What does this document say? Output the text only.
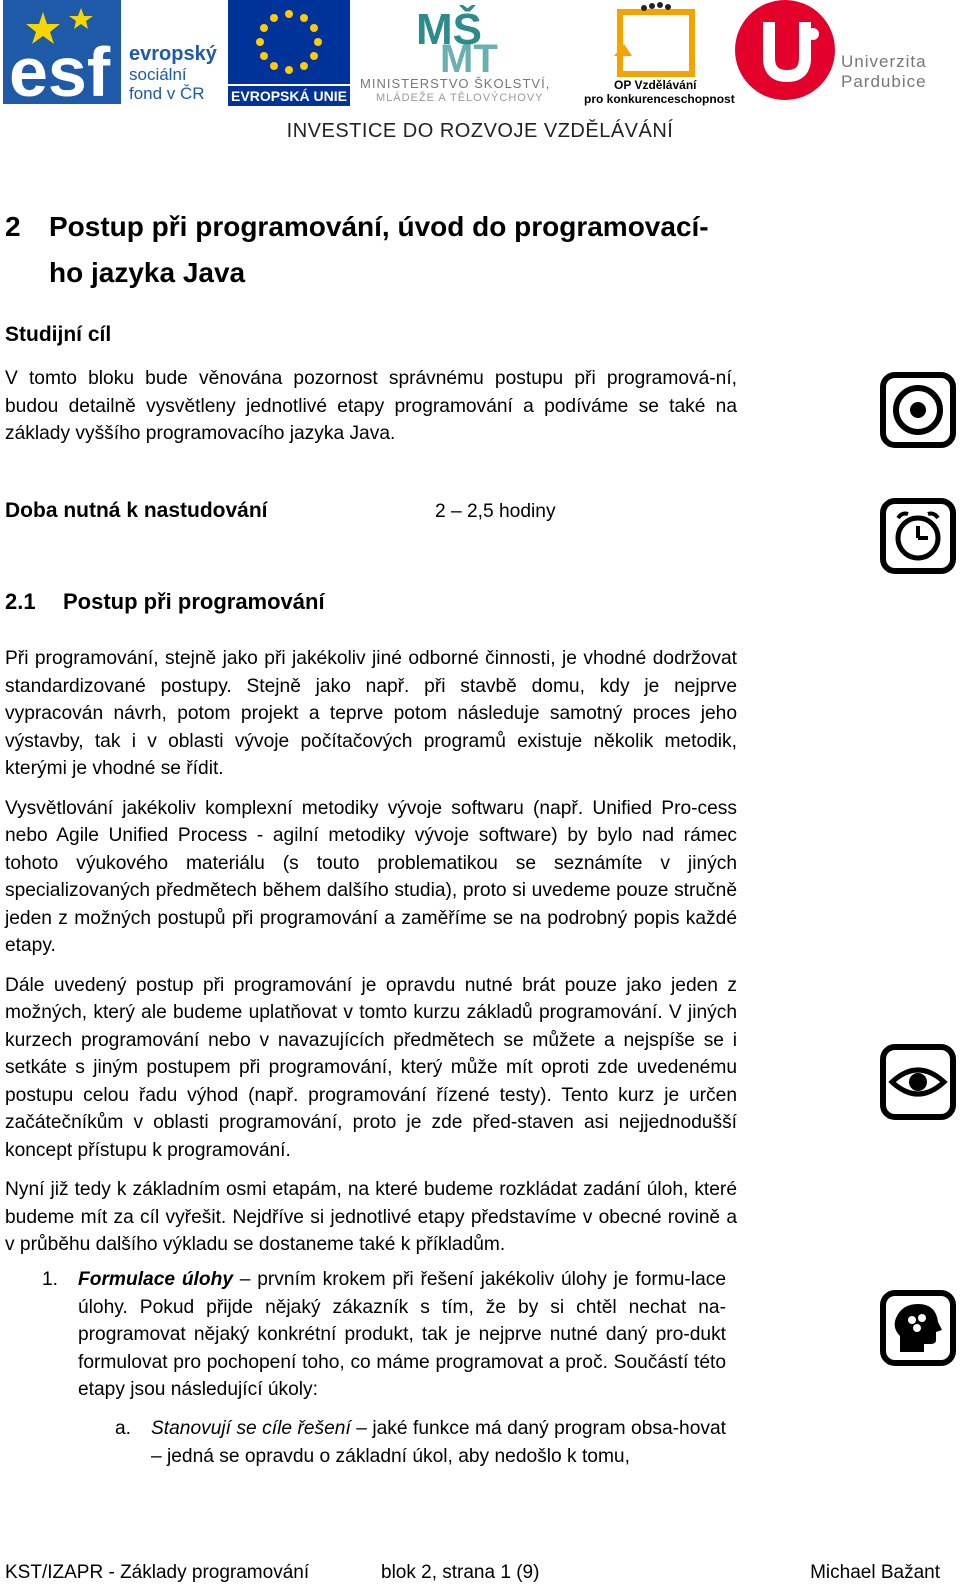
esf evropský
sociální
fond v ČR EVROPSKÁ UNIE
MŠ
MT
MINISTERSTVO ŠKOLSTVÍ,
MLÁDEŽE A TĚLOVÝCHOVY
OP Vzdělávání
pro konkurenceschopnost
Univerzita
Pardubice
INVESTICE DO ROZVOJE VZDĚLÁVÁNÍ
2 Postup při programování, úvod do programovací-
ho jazyka Java
Studijní cíl

V tomto bloku bude věnována pozornost správnému postupu při programová-ní, budou detailně vysvětleny jednotlivé etapy programování a podíváme se také na základy vyššího programovacího jazyka Java.

Doba nutná k nastudování	2 – 2,5 hodiny
2.1 Postup při programování

Při programování, stejně jako při jakékoliv jiné odborné činnosti, je vhodné dodržovat standardizované postupy. Stejně jako např. při stavbě domu, kdy je nejprve vypracován návrh, potom projekt a teprve potom následuje samotný proces jeho výstavby, tak i v oblasti vývoje počítačových programů existuje několik metodik, kterými je vhodné se řídit.

Vysvětlování jakékoliv komplexní metodiky vývoje softwaru (např. Unified Pro-cess nebo Agile Unified Process - agilní metodiky vývoje software) by bylo nad rámec tohoto výukového materiálu (s touto problematikou se seznámíte v jiných specializovaných předmětech během dalšího studia), proto si uvedeme pouze stručně jeden z možných postupů při programování a zaměříme se na podrobný popis každé etapy.

Dále uvedený postup při programování je opravdu nutné brát pouze jako jeden z možných, který ale budeme uplatňovat v tomto kurzu základů programování. V jiných kurzech programování nebo v navazujících předmětech se můžete a nejspíše se i setkáte s jiným postupem při programování, který může mít oproti zde uvedenému postupu celou řadu výhod (např. programování řízené testy). Tento kurz je určen začátečníkům v oblasti programování, proto je zde před-staven asi nejjednodušší koncept přístupu k programování.

Nyní již tedy k základním osmi etapám, na které budeme rozkládat zadání úloh, které budeme mít za cíl vyřešit. Nejdříve si jednotlivé etapy představíme v obecné rovině a v průběhu dalšího výkladu se dostaneme také k příkladům.

1. Formulace úlohy – prvním krokem při řešení jakékoliv úlohy je formu-lace úlohy. Pokud přijde nějaký zákazník s tím, že by si chtěl nechat na-programovat nějaký konkrétní produkt, tak je nejprve nutné daný pro-dukt formulovat pro pochopení toho, co máme programovat a proč. Součástí této etapy jsou následující úkoly:
a. Stanovují se cíle řešení – jaké funkce má daný program obsa-hovat – jedná se opravdu o základní úkol, aby nedošlo k tomu,
KST/IZAPR - Základy programování	blok 2, strana 1 (9)	Michael Bažant
